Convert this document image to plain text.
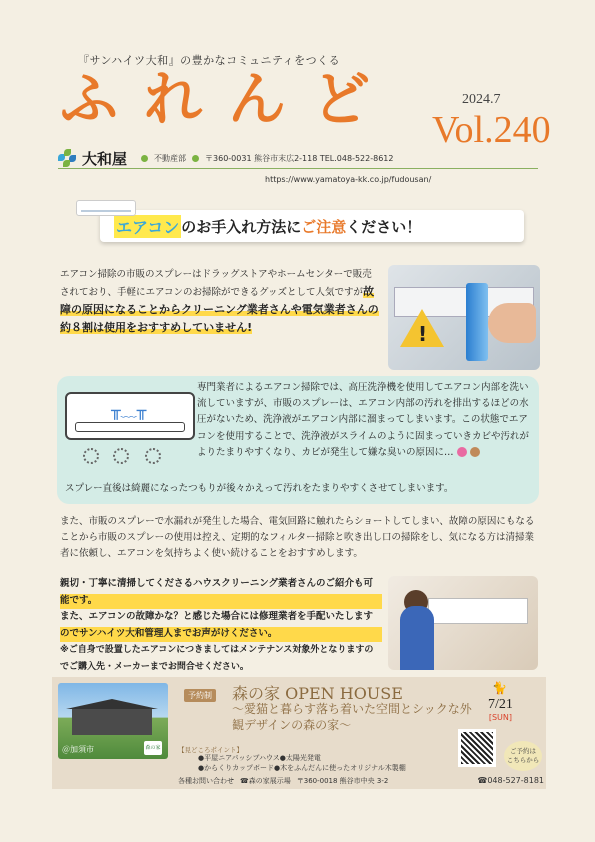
『サンハイツ大和』の豊かなコミュニティをつくる
ふれんど	2024.7
Vol.240
大和屋	不動産部 〒360-0031 熊谷市末広2-118 TEL.048-522-8612
https://www.yamatoya-kk.co.jp/fudousan/
エアコン のお手入れ方法に ご注意 ください！

エアコン掃除の市販のスプレーはドラッグストアやホームセンターで販売されており、手軽にエアコンのお掃除ができるグッズとして人気ですが故障の原因になることからクリーニング業者さんや電気業者さんの約８割は使用をおすすめしていません!	!
╥﹏╥

専門業者によるエアコン掃除では、高圧洗浄機を使用してエアコン内部を洗い流していますが、市販のスプレーは、エアコン内部の汚れを排出するほどの水圧がないため、洗浄液がエアコン内部に溜まってしまいます。この状態でエアコンを使用することで、洗浄液がスライムのように固まっていきカビや汚れがよりたまりやすくなり、カビが発生して嫌な臭いの原因に…

スプレー直後は綺麗になったつもりが後々かえって汚れをたまりやすくさせてしまいます。

また、市販のスプレーで水漏れが発生した場合、電気回路に触れたらショートしてしまい、故障の原因にもなることから市販のスプレーの使用は控え、定期的なフィルター掃除と吹き出し口の掃除をし、気になる方は清掃業者に依頼し、エアコンを気持ちよく使い続けることをおすすめします。

親切・丁寧に清掃してくださるハウスクリーニング業者さんのご紹介も可能です。
また、エアコンの故障かな？と感じた場合には修理業者を手配いたしますのでサンハイツ大和管理人までお声がけください。
※ご自身で設置したエアコンにつきましてはメンテナンス対象外となりますのでご購入先・メーカーまでお問合せください。
＠加須市	森の家
予約制 森の家 OPEN HOUSE
～愛猫と暮らす落ち着いた空間とシックな外観デザインの森の家～
【見どころポイント】
●平屋ニアパッシブハウス●太陽光発電
●からくりカップボード●木をふんだんに使ったオリジナル木製棚
🐈
7/21
[SUN]
ご予約は こちらから
各種お問い合わせ ☎森の家展示場 〒360-0018 熊谷市中央 3-2	☎048-527-8181
